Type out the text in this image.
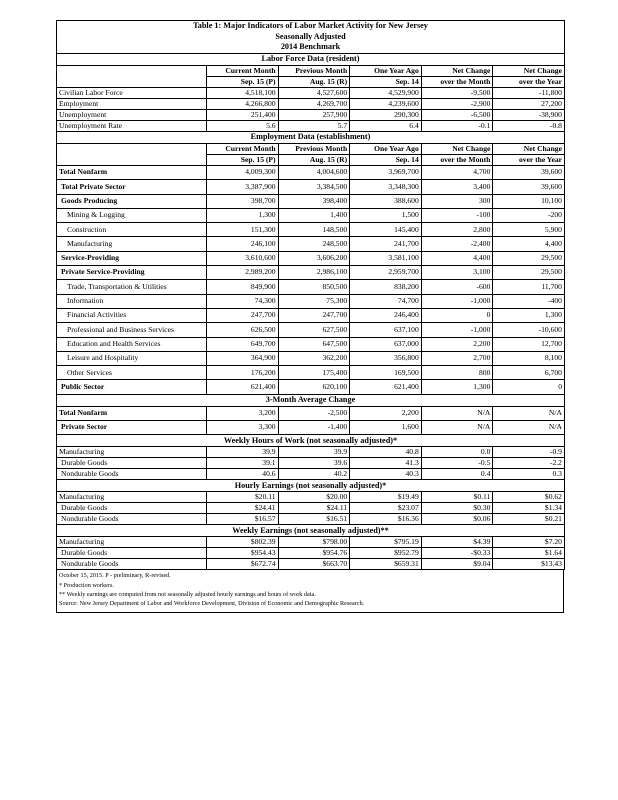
Table 1: Major Indicators of Labor Market Activity for New Jersey					
Seasonally Adjusted					
2014 Benchmark					
Labor Force Data (resident)					
	Current Month	Previous Month	One Year Ago	Net Change	Net Change
	Sep. 15 (P)	Aug. 15 (R)	Sep. 14	over the Month	over the Year
Civilian Labor Force	4,518,100	4,527,600	4,529,900	-9,500	-11,800
Employment	4,266,800	4,269,700	4,239,600	-2,900	27,200
Unemployment	251,400	257,900	290,300	-6,500	-38,900
Unemployment Rate	5.6	5.7	6.4	-0.1	-0.8
Employment Data (establishment)					
	Current Month	Previous Month	One Year Ago	Net Change	Net Change
	Sep. 15 (P)	Aug. 15 (R)	Sep. 14	over the Month	over the Year
Total Nonfarm	4,009,300	4,004,600	3,969,700	4,700	39,600
Total Private Sector	3,387,900	3,384,500	3,348,300	3,400	39,600
Goods Producing	398,700	398,400	388,600	300	10,100
Mining & Logging	1,300	1,400	1,500	-100	-200
Construction	151,300	148,500	145,400	2,800	5,900
Manufacturing	246,100	248,500	241,700	-2,400	4,400
Service-Providing	3,610,600	3,606,200	3,581,100	4,400	29,500
Private Service-Providing	2,989,200	2,986,100	2,959,700	3,100	29,500
Trade, Transportation & Utilities	849,900	850,500	838,200	-600	11,700
Information	74,300	75,300	74,700	-1,000	-400
Financial Activities	247,700	247,700	246,400	0	1,300
Professional and Business Services	626,500	627,500	637,100	-1,000	-10,600
Education and Health Services	649,700	647,500	637,000	2,200	12,700
Leisure and Hospitality	364,900	362,200	356,800	2,700	8,100
Other Services	176,200	175,400	169,500	800	6,700
Public Sector	621,400	620,100	621,400	1,300	0
3-Month Average Change					
Total Nonfarm	3,200	-2,500	2,200	N/A	N/A
Private Sector	3,300	-1,400	1,600	N/A	N/A
Weekly Hours of Work (not seasonally adjusted)*					
Manufacturing	39.9	39.9	40.8	0.0	-0.9
Durable Goods	39.1	39.6	41.3	-0.5	-2.2
Nondurable Goods	40.6	40.2	40.3	0.4	0.3
Hourly Earnings (not seasonally adjusted)*					
Manufacturing	$20.11	$20.00	$19.49	$0.11	$0.62
Durable Goods	$24.41	$24.11	$23.07	$0.30	$1.34
Nondurable Goods	$16.57	$16.51	$16.36	$0.06	$0.21
Weekly Earnings (not seasonally adjusted)**					
Manufacturing	$802.39	$798.00	$795.19	$4.39	$7.20
Durable Goods	$954.43	$954.76	$952.79	-$0.33	$1.64
Nondurable Goods	$672.74	$663.70	$659.31	$9.04	$13.43
October 15, 2015. P - preliminary, R-revised.
* Production workers.
** Weekly earnings are computed from not seasonally adjusted hourly earnings and hours of work data.
Source: New Jersey Department of Labor and Workforce Development, Division of Economic and Demographic Research.
